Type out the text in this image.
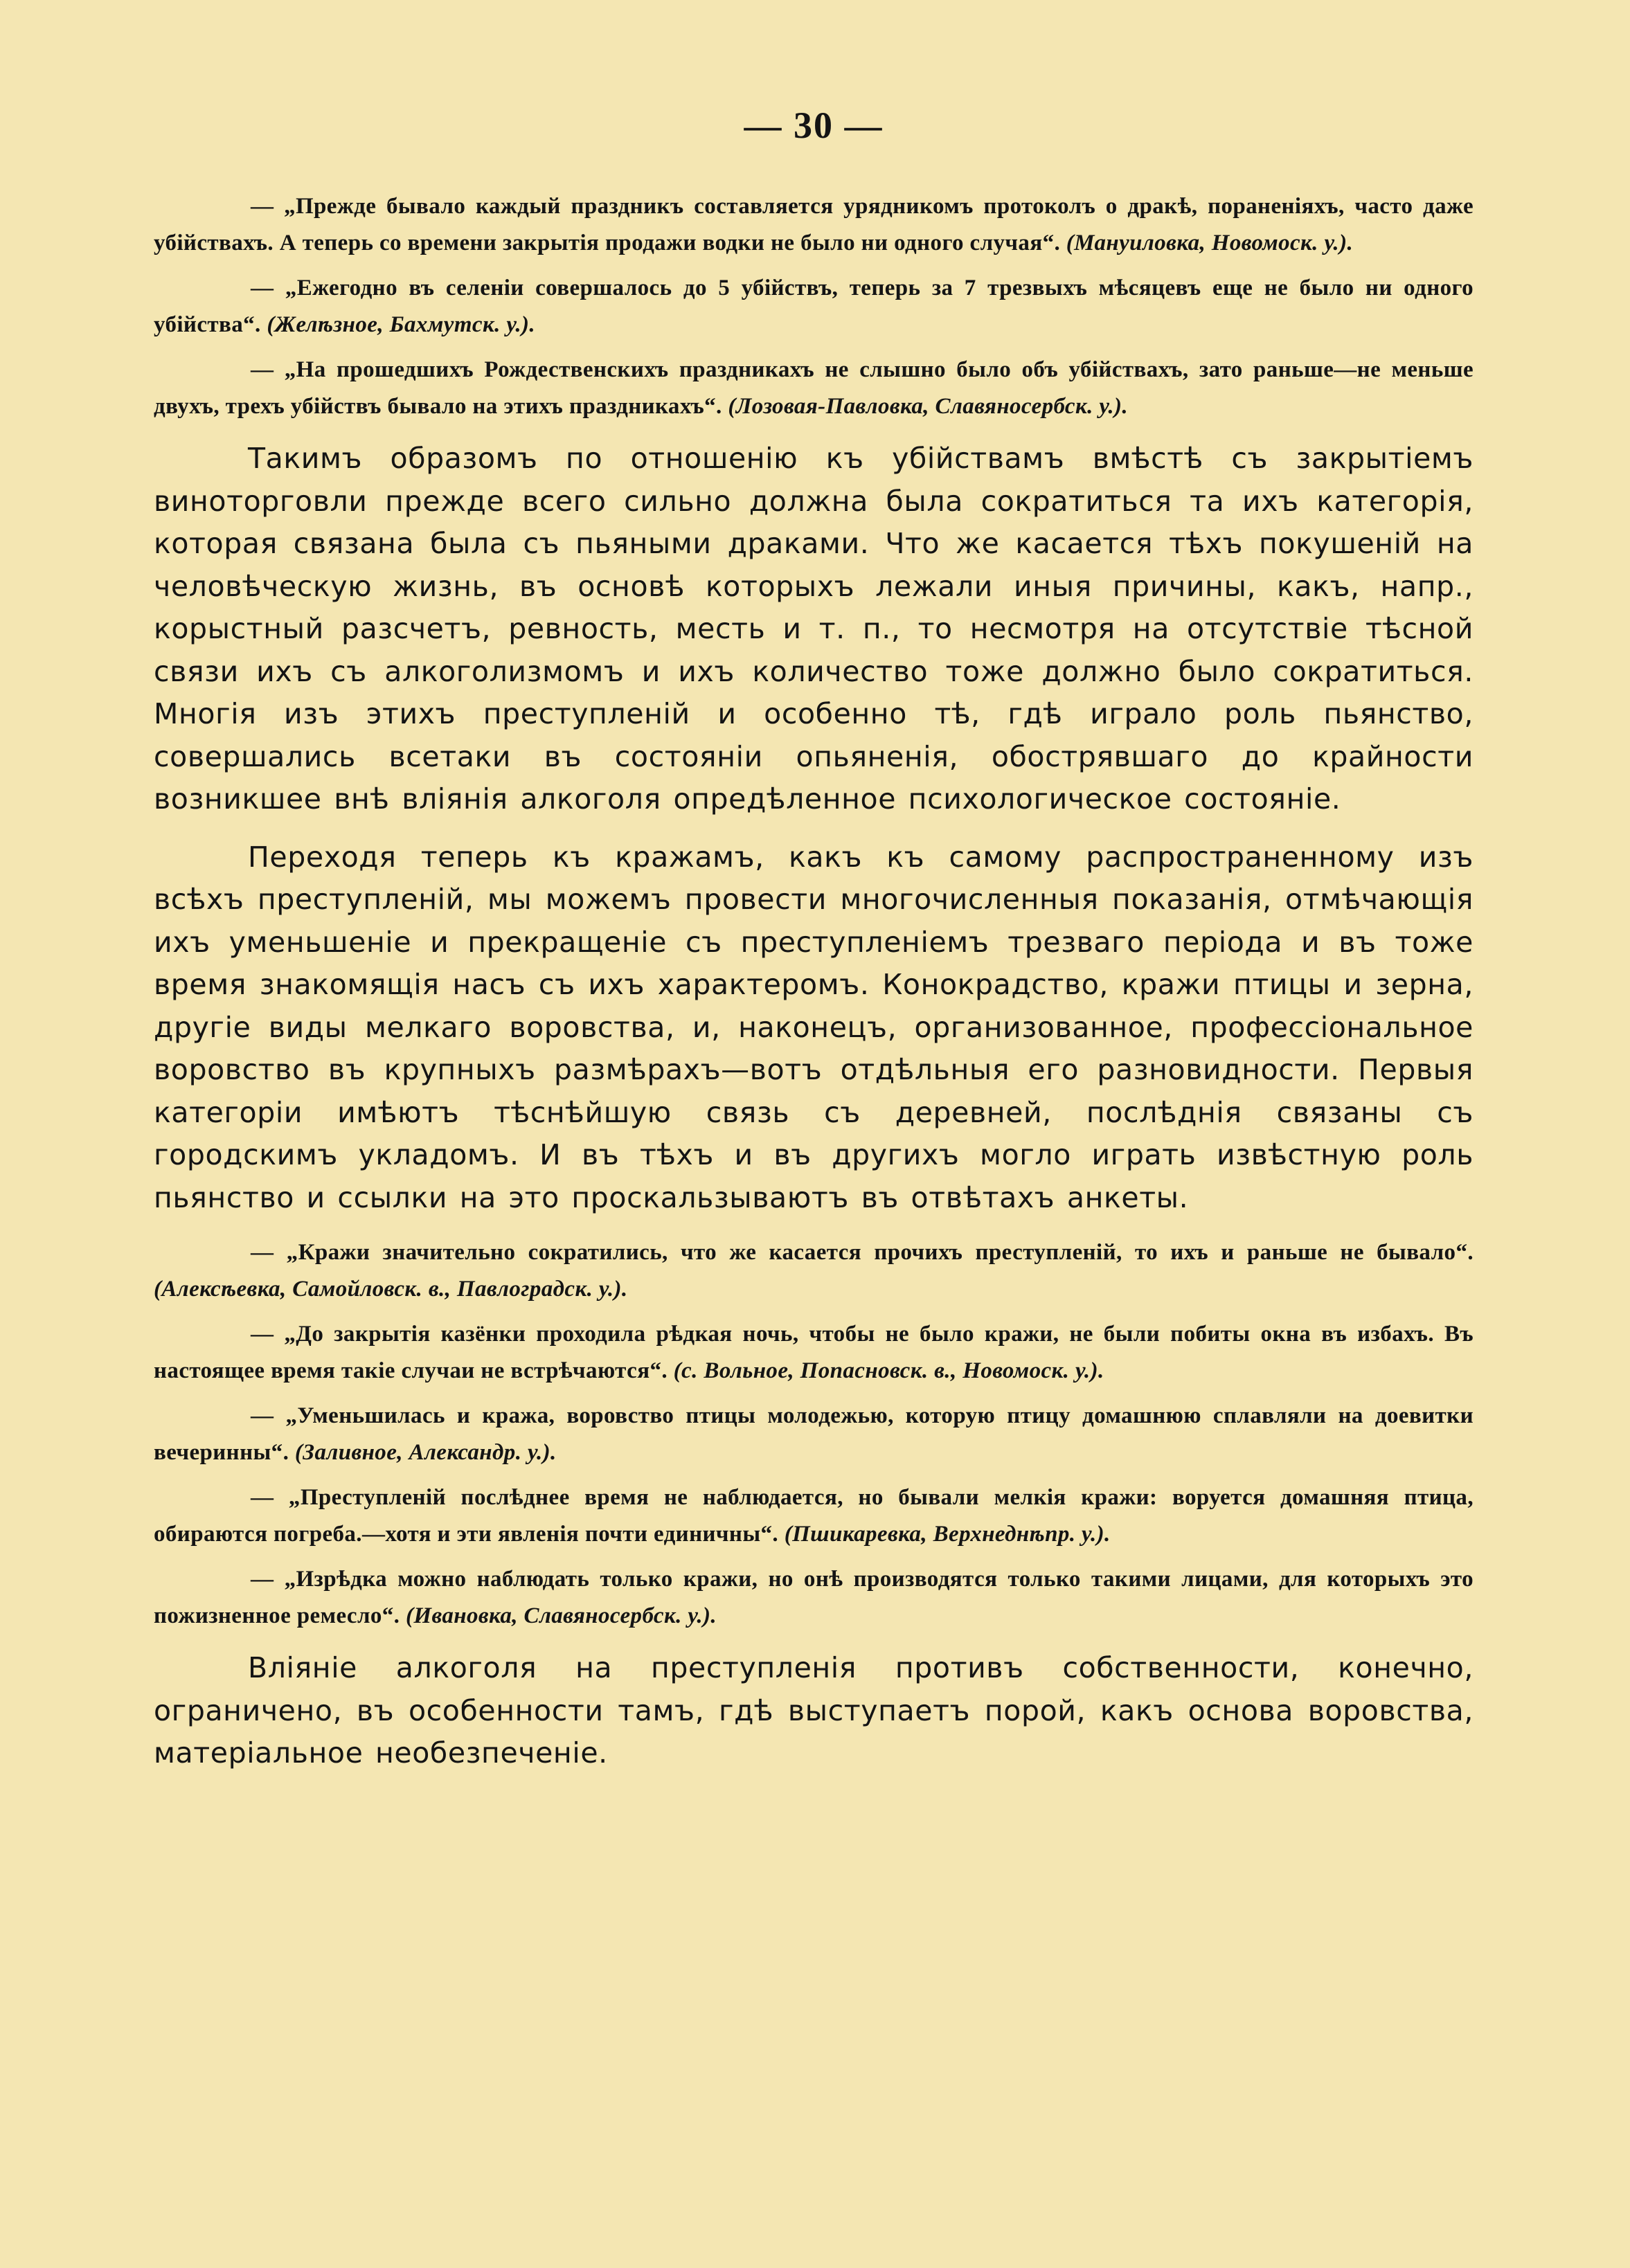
— 30 —

— „Прежде бывало каждый праздникъ составляется урядникомъ протоколъ о дракѣ, пораненіяхъ, часто даже убійствахъ. А теперь со времени закрытія продажи водки не было ни одного случая“. (Мануиловка, Новомоск. у.).

— „Ежегодно въ селеніи совершалось до 5 убійствъ, теперь за 7 трезвыхъ мѣсяцевъ еще не было ни одного убійства“. (Желѣзное, Бахмутск. у.).

— „На прошедшихъ Рождественскихъ праздникахъ не слышно было объ убійствахъ, зато раньше—не меньше двухъ, трехъ убійствъ бывало на этихъ праздникахъ“. (Лозовая-Павловка, Славяносербск. у.).

Такимъ образомъ по отношенію къ убійствамъ вмѣстѣ съ закрытіемъ виноторговли прежде всего сильно должна была сократиться та ихъ категорія, которая связана была съ пьяными драками. Что же касается тѣхъ покушеній на человѣческую жизнь, въ основѣ которыхъ лежали иныя причины, какъ, напр., корыстный разсчетъ, ревность, месть и т. п., то несмотря на отсутствіе тѣсной связи ихъ съ алкоголизмомъ и ихъ количество тоже должно было сократиться. Многія изъ этихъ преступленій и особенно тѣ, гдѣ играло роль пьянство, совершались всетаки въ состояніи опьяненія, обострявшаго до крайности возникшее внѣ вліянія алкоголя опредѣленное психологическое состояніе.

Переходя теперь къ кражамъ, какъ къ самому распространенному изъ всѣхъ преступленій, мы можемъ провести многочисленныя показанія, отмѣчающія ихъ уменьшеніе и прекращеніе съ преступленіемъ трезваго періода и въ тоже время знакомящія насъ съ ихъ характеромъ. Конокрадство, кражи птицы и зерна, другіе виды мелкаго воровства, и, наконецъ, организованное, профессіональное воровство въ крупныхъ размѣрахъ—вотъ отдѣльныя его разновидности. Первыя категоріи имѣютъ тѣснѣйшую связь съ деревней, послѣднія связаны съ городскимъ укладомъ. И въ тѣхъ и въ другихъ могло играть извѣстную роль пьянство и ссылки на это проскальзываютъ въ отвѣтахъ анкеты.

— „Кражи значительно сократились, что же касается прочихъ преступленій, то ихъ и раньше не бывало“. (Алексѣевка, Самойловск. в., Павлоградск. у.).

— „До закрытія казёнки проходила рѣдкая ночь, чтобы не было кражи, не были побиты окна въ избахъ. Въ настоящее время такіе случаи не встрѣчаются“. (с. Вольное, Попасновск. в., Новомоск. у.).

— „Уменьшилась и кража, воровство птицы молодежью, которую птицу домашнюю сплавляли на доевитки вечеринны“. (Заливное, Александр. у.).

— „Преступленій послѣднее время не наблюдается, но бывали мелкія кражи: воруется домашняя птица, обираются погреба.—хотя и эти явленія почти единичны“. (Пшикаревка, Верхнеднѣпр. у.).

— „Изрѣдка можно наблюдать только кражи, но онѣ производятся только такими лицами, для которыхъ это пожизненное ремесло“. (Ивановка, Славяносербск. у.).

Вліяніе алкоголя на преступленія противъ собственности, конечно, ограничено, въ особенности тамъ, гдѣ выступаетъ порой, какъ основа воровства, матеріальное необезпеченіе.
